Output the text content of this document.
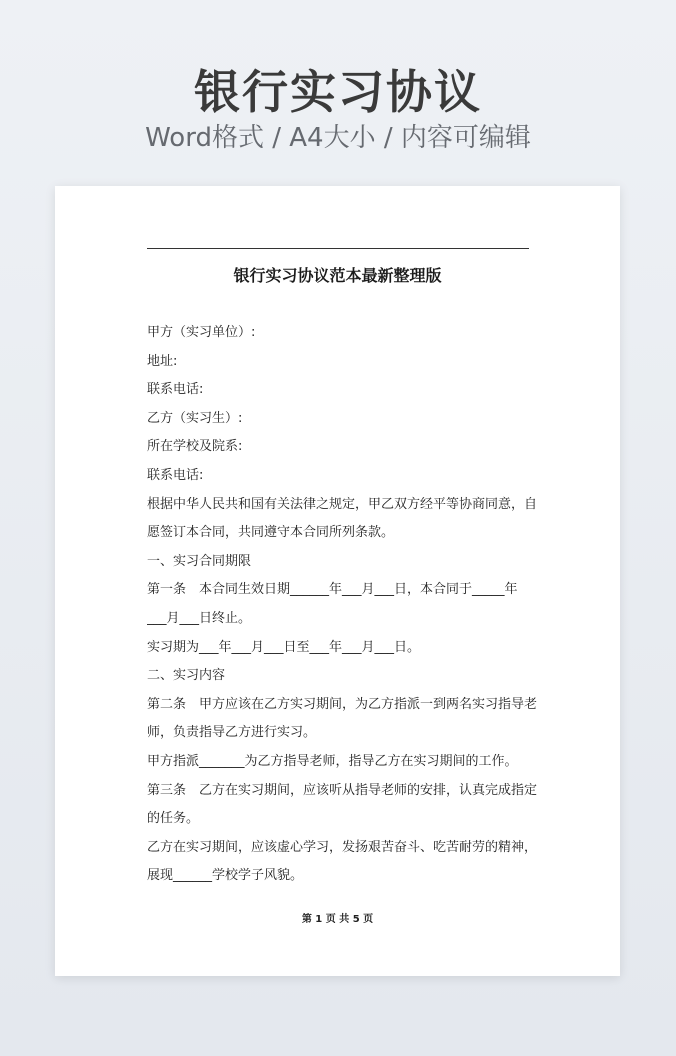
银行实习协议
Word格式 / A4大小 / 内容可编辑
银行实习协议范本最新整理版
甲方（实习单位）:
地址:
联系电话:
乙方（实习生）:
所在学校及院系:
联系电话:
根据中华人民共和国有关法律之规定，甲乙双方经平等协商同意，自
愿签订本合同，共同遵守本合同所列条款。
一、实习合同期限
第一条　本合同生效日期______年___月___日，本合同于_____年
___月___日终止。
实习期为___年___月___日至___年___月___日。
二、实习内容
第二条　甲方应该在乙方实习期间，为乙方指派一到两名实习指导老
师，负责指导乙方进行实习。
甲方指派_______为乙方指导老师，指导乙方在实习期间的工作。
第三条　乙方在实习期间，应该听从指导老师的安排，认真完成指定
的任务。
乙方在实习期间，应该虚心学习，发扬艰苦奋斗、吃苦耐劳的精神，
展现______学校学子风貌。
第 1 页 共 5 页
